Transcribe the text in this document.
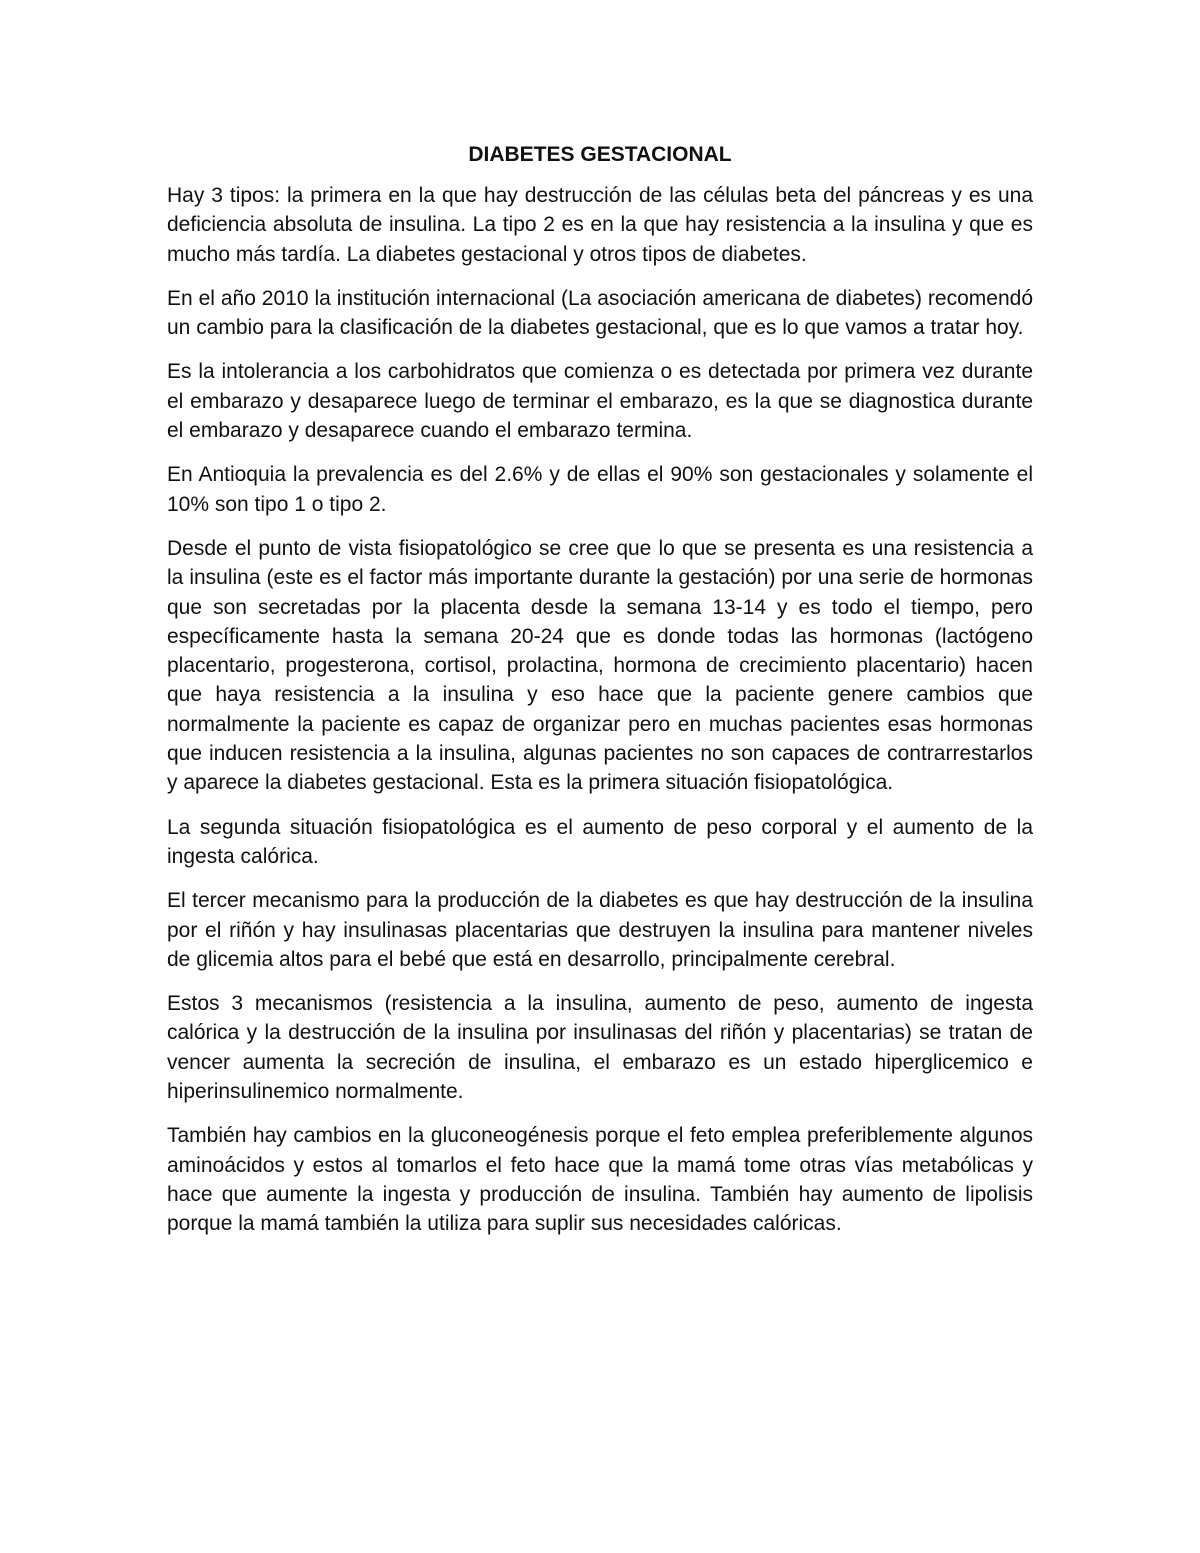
DIABETES GESTACIONAL

Hay 3 tipos: la primera en la que hay destrucción de las células beta del páncreas y es una deficiencia absoluta de insulina. La tipo 2 es en la que hay resistencia a la insulina y que es mucho más tardía. La diabetes gestacional y otros tipos de diabetes.

En el año 2010 la institución internacional (La asociación americana de diabetes) recomendó un cambio para la clasificación de la diabetes gestacional, que es lo que vamos a tratar hoy.

Es la intolerancia a los carbohidratos que comienza o es detectada por primera vez durante el embarazo y desaparece luego de terminar el embarazo, es la que se diagnostica durante el embarazo y desaparece cuando el embarazo termina.

En Antioquia la prevalencia es del 2.6% y de ellas el 90% son gestacionales y solamente el 10% son tipo 1 o tipo 2.

Desde el punto de vista fisiopatológico se cree que lo que se presenta es una resistencia a la insulina (este es el factor más importante durante la gestación) por una serie de hormonas que son secretadas por la placenta desde la semana 13-14 y es todo el tiempo, pero específicamente hasta la semana 20-24 que es donde todas las hormonas (lactógeno placentario, progesterona, cortisol, prolactina, hormona de crecimiento placentario) hacen que haya resistencia a la insulina y eso hace que la paciente genere cambios que normalmente la paciente es capaz de organizar pero en muchas pacientes esas hormonas que inducen resistencia a la insulina, algunas pacientes no son capaces de contrarrestarlos y aparece la diabetes gestacional. Esta es la primera situación fisiopatológica.

La segunda situación fisiopatológica es el aumento de peso corporal y el aumento de la ingesta calórica.

El tercer mecanismo para la producción de la diabetes es que hay destrucción de la insulina por el riñón y hay insulinasas placentarias que destruyen la insulina para mantener niveles de glicemia altos para el bebé que está en desarrollo, principalmente cerebral.

Estos 3 mecanismos (resistencia a la insulina, aumento de peso, aumento de ingesta calórica y la destrucción de la insulina por insulinasas del riñón y placentarias) se tratan de vencer aumenta la secreción de insulina, el embarazo es un estado hiperglicemico e hiperinsulinemico normalmente.

También hay cambios en la gluconeogénesis porque el feto emplea preferiblemente algunos aminoácidos y estos al tomarlos el feto hace que la mamá tome otras vías metabólicas y hace que aumente la ingesta y producción de insulina. También hay aumento de lipolisis porque la mamá también la utiliza para suplir sus necesidades calóricas.
